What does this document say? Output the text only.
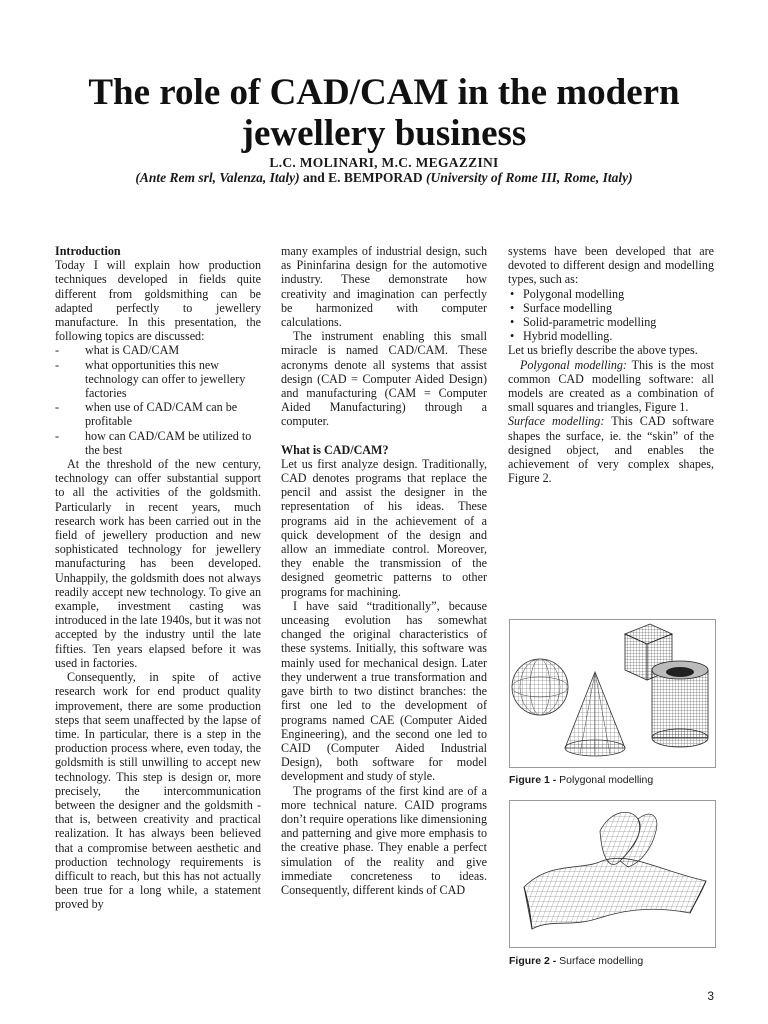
The role of CAD/CAM in the modern
jewellery business
L.C. MOLINARI, M.C. MEGAZZINI
(Ante Rem srl, Valenza, Italy) and E. BEMPORAD (University of Rome III, Rome, Italy)
Introduction

Today I will explain how production techniques developed in fields quite different from goldsmithing can be adapted perfectly to jewellery manufacture. In this presentation, the following topics are discussed:

- what is CAD/CAM
- what opportunities this new technology can offer to jewellery factories
- when use of CAD/CAM can be profitable
- how can CAD/CAM be utilized to the best

At the threshold of the new century, technology can offer substantial support to all the activities of the goldsmith. Particularly in recent years, much research work has been carried out in the field of jewellery production and new sophisticated technology for jewellery manufacturing has been developed. Unhappily, the goldsmith does not always readily accept new technology. To give an example, investment casting was introduced in the late 1940s, but it was not accepted by the industry until the late fifties. Ten years elapsed before it was used in factories.

Consequently, in spite of active research work for end product quality improvement, there are some production steps that seem unaffected by the lapse of time. In particular, there is a step in the production process where, even today, the goldsmith is still unwilling to accept new technology. This step is design or, more precisely, the intercommunication between the designer and the goldsmith - that is, between creativity and practical realization. It has always been believed that a compromise between aesthetic and production technology requirements is difficult to reach, but this has not actually been true for a long while, a statement proved by

many examples of industrial design, such as Pininfarina design for the automotive industry. These demonstrate how creativity and imagination can perfectly be harmonized with computer calculations.

The instrument enabling this small miracle is named CAD/CAM. These acronyms denote all systems that assist design (CAD = Computer Aided Design) and manufacturing (CAM = Computer Aided Manufacturing) through a computer.

What is CAD/CAM?

Let us first analyze design. Traditionally, CAD denotes programs that replace the pencil and assist the designer in the representation of his ideas. These programs aid in the achievement of a quick development of the design and allow an immediate control. Moreover, they enable the transmission of the designed geometric patterns to other programs for machining.

I have said “traditionally”, because unceasing evolution has somewhat changed the original characteristics of these systems. Initially, this software was mainly used for mechanical design. Later they underwent a true transformation and gave birth to two distinct branches: the first one led to the development of programs named CAE (Computer Aided Engineering), and the second one led to CAID (Computer Aided Industrial Design), both software for model development and study of style.

The programs of the first kind are of a more technical nature. CAID programs don’t require operations like dimensioning and patterning and give more emphasis to the creative phase. They enable a perfect simulation of the reality and give immediate concreteness to ideas. Consequently, different kinds of CAD

systems have been developed that are devoted to different design and modelling types, such as:

• Polygonal modelling
• Surface modelling
• Solid-parametric modelling
• Hybrid modelling.

Let us briefly describe the above types.

Polygonal modelling: This is the most common CAD modelling software: all models are created as a combination of small squares and triangles, Figure 1.

Surface modelling: This CAD software shapes the surface, ie. the “skin” of the designed object, and enables the achievement of very complex shapes, Figure 2.

Figure 1 - Polygonal modelling
Figure 2 - Surface modelling
3
